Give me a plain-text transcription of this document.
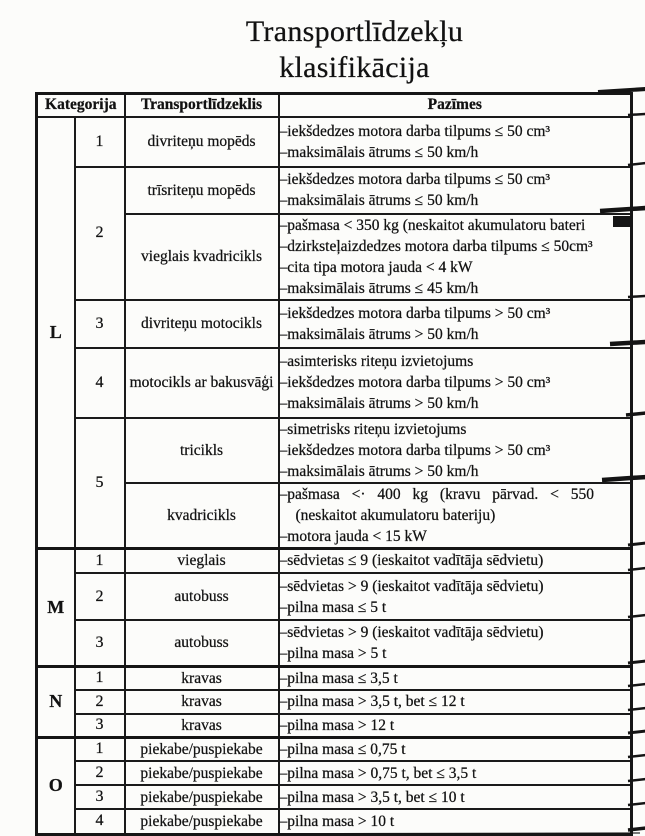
Transportlīdzekļu
klasifikācija
Kategorija		Transportlīdzeklis	Pazīmes
L	1	divriteņu mopēds	–iekšdedzes motora darba tilpums ≤ 50 cm³
–maksimālais ātrums ≤ 50 km/h

	2	trīsriteņu mopēds	–iekšdedzes motora darba tilpums ≤ 50 cm³
–maksimālais ātrums ≤ 50 km/h

		vieglais kvadricikls	–pašmasa < 350 kg (neskaitot akumulatoru bateri
–dzirksteļaizdedzes motora darba tilpums ≤ 50cm³
–cita tipa motora jauda < 4 kW
–maksimālais ātrums ≤ 45 km/h

	3	divriteņu motocikls	–iekšdedzes motora darba tilpums > 50 cm³
–maksimālais ātrums > 50 km/h

	4	motocikls ar bakusvāģi	–asimterisks riteņu izvietojums
–iekšdedzes motora darba tilpums > 50 cm³
–maksimālais ātrums > 50 km/h

	5	tricikls	–simetrisks riteņu izvietojums
–iekšdedzes motora darba tilpums > 50 cm³
–maksimālais ātrums > 50 km/h

		kvadricikls	–pašmasa <· 400 kg (kravu pārvad. < 550
(neskaitot akumulatoru bateriju)
–motora jauda < 15 kW

M	1	vieglais	–sēdvietas ≤ 9 (ieskaitot vadītāja sēdvietu)

	2	autobuss	–sēdvietas > 9 (ieskaitot vadītāja sēdvietu)
–pilna masa ≤ 5 t

	3	autobuss	–sēdvietas > 9 (ieskaitot vadītāja sēdvietu)
–pilna masa > 5 t

N	1	kravas	–pilna masa ≤ 3,5 t

	2	kravas	–pilna masa > 3,5 t, bet ≤ 12 t

	3	kravas	–pilna masa > 12 t

O	1	piekabe/puspiekabe	–pilna masa ≤ 0,75 t

	2	piekabe/puspiekabe	–pilna masa > 0,75 t, bet ≤ 3,5 t

	3	piekabe/puspiekabe	–pilna masa > 3,5 t, bet ≤ 10 t

	4	piekabe/puspiekabe	–pilna masa > 10 t
